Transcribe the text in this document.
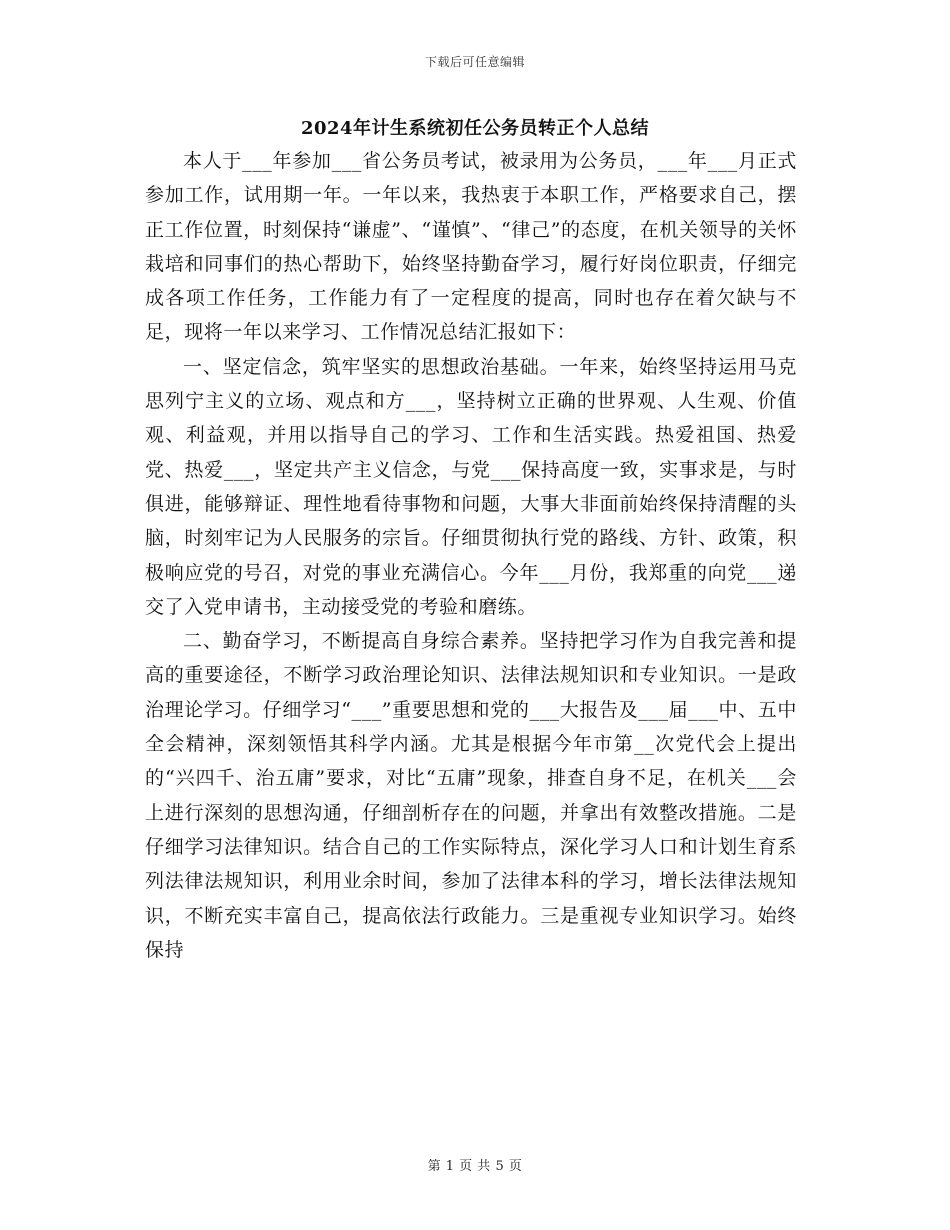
下载后可任意编辑
2024年计生系统初任公务员转正个人总结

本人于___年参加___省公务员考试，被录用为公务员，___年___月正式参加工作，试用期一年。一年以来，我热衷于本职工作，严格要求自己，摆正工作位置，时刻保持“谦虚”、“谨慎”、“律己”的态度，在机关领导的关怀栽培和同事们的热心帮助下，始终坚持勤奋学习，履行好岗位职责，仔细完成各项工作任务，工作能力有了一定程度的提高，同时也存在着欠缺与不足，现将一年以来学习、工作情况总结汇报如下：

一、坚定信念，筑牢坚实的思想政治基础。一年来，始终坚持运用马克思列宁主义的立场、观点和方___，坚持树立正确的世界观、人生观、价值观、利益观，并用以指导自己的学习、工作和生活实践。热爱祖国、热爱党、热爱___，坚定共产主义信念，与党___保持高度一致，实事求是，与时俱进，能够辩证、理性地看待事物和问题，大事大非面前始终保持清醒的头脑，时刻牢记为人民服务的宗旨。仔细贯彻执行党的路线、方针、政策，积极响应党的号召，对党的事业充满信心。今年___月份，我郑重的向党___递交了入党申请书，主动接受党的考验和磨练。

二、勤奋学习，不断提高自身综合素养。坚持把学习作为自我完善和提高的重要途径，不断学习政治理论知识、法律法规知识和专业知识。一是政治理论学习。仔细学习“___”重要思想和党的___大报告及___届___中、五中全会精神，深刻领悟其科学内涵。尤其是根据今年市第__次党代会上提出的“兴四千、治五庸”要求，对比“五庸”现象，排查自身不足，在机关___会上进行深刻的思想沟通，仔细剖析存在的问题，并拿出有效整改措施。二是仔细学习法律知识。结合自己的工作实际特点，深化学习人口和计划生育系列法律法规知识，利用业余时间，参加了法律本科的学习，增长法律法规知识，不断充实丰富自己，提高依法行政能力。三是重视专业知识学习。始终保持

第 1 页 共 5 页
